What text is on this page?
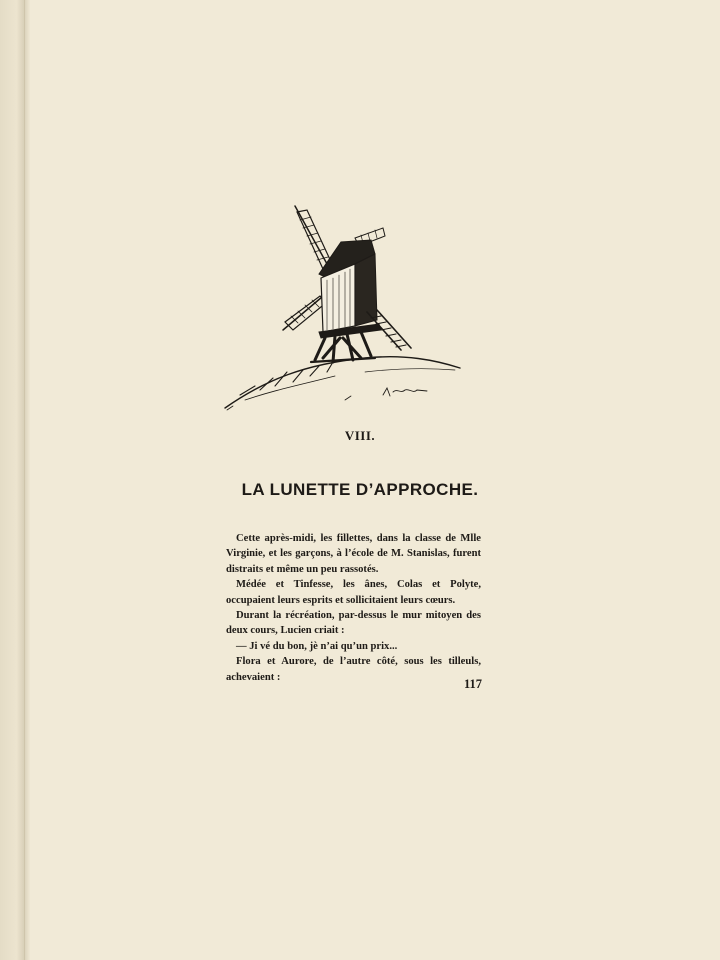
VIII.
LA LUNETTE D’APPROCHE.

Cette après-midi, les fillettes, dans la classe de Mlle Virginie, et les garçons, à l’école de M. Stanislas, furent distraits et même un peu rassotés.

Médée et Tinfesse, les ânes, Colas et Polyte, occupaient leurs esprits et sollicitaient leurs cœurs.

Durant la récréation, par-dessus le mur mitoyen des deux cours, Lucien criait :

— Ji vé du bon, jè n’ai qu’un prix...

Flora et Aurore, de l’autre côté, sous les tilleuls, achevaient :	117
